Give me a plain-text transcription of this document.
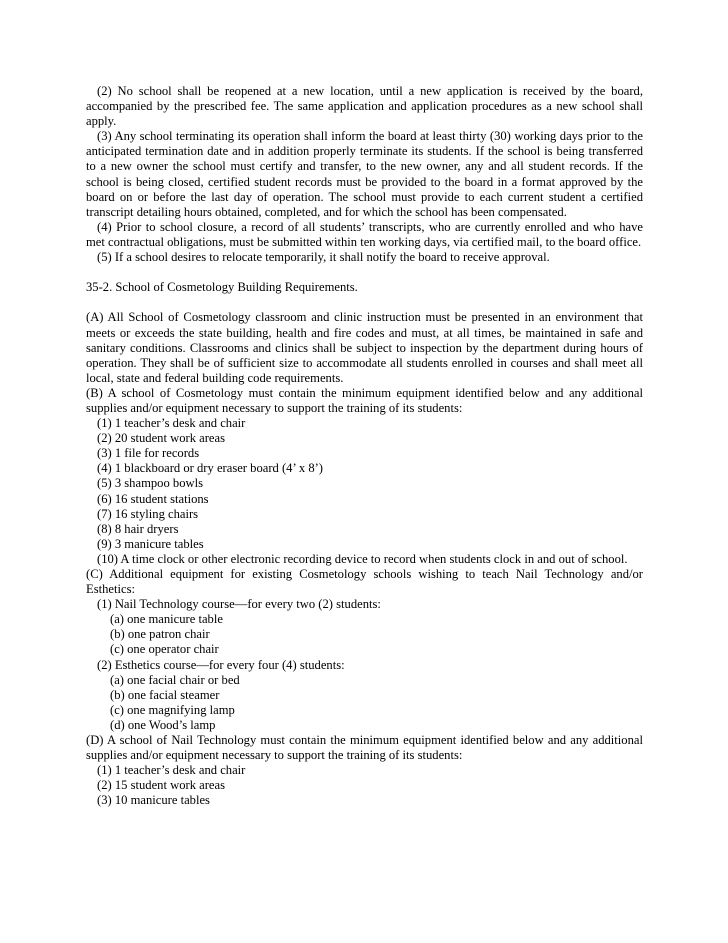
(2) No school shall be reopened at a new location, until a new application is received by the board, accompanied by the prescribed fee. The same application and application procedures as a new school shall apply.

(3) Any school terminating its operation shall inform the board at least thirty (30) working days prior to the anticipated termination date and in addition properly terminate its students. If the school is being transferred to a new owner the school must certify and transfer, to the new owner, any and all student records. If the school is being closed, certified student records must be provided to the board in a format approved by the board on or before the last day of operation. The school must provide to each current student a certified transcript detailing hours obtained, completed, and for which the school has been compensated.

(4) Prior to school closure, a record of all students’ transcripts, who are currently enrolled and who have met contractual obligations, must be submitted within ten working days, via certified mail, to the board office.

(5) If a school desires to relocate temporarily, it shall notify the board to receive approval.

35-2. School of Cosmetology Building Requirements.

(A) All School of Cosmetology classroom and clinic instruction must be presented in an environment that meets or exceeds the state building, health and fire codes and must, at all times, be maintained in safe and sanitary conditions. Classrooms and clinics shall be subject to inspection by the department during hours of operation. They shall be of sufficient size to accommodate all students enrolled in courses and shall meet all local, state and federal building code requirements.

(B) A school of Cosmetology must contain the minimum equipment identified below and any additional supplies and/or equipment necessary to support the training of its students:

(1) 1 teacher’s desk and chair

(2) 20 student work areas

(3) 1 file for records

(4) 1 blackboard or dry eraser board (4’ x 8’)

(5) 3 shampoo bowls

(6) 16 student stations

(7) 16 styling chairs

(8) 8 hair dryers

(9) 3 manicure tables

(10) A time clock or other electronic recording device to record when students clock in and out of school.

(C) Additional equipment for existing Cosmetology schools wishing to teach Nail Technology and/or Esthetics:

(1) Nail Technology course—for every two (2) students:

(a) one manicure table

(b) one patron chair

(c) one operator chair

(2) Esthetics course—for every four (4) students:

(a) one facial chair or bed

(b) one facial steamer

(c) one magnifying lamp

(d) one Wood’s lamp

(D) A school of Nail Technology must contain the minimum equipment identified below and any additional supplies and/or equipment necessary to support the training of its students:

(1) 1 teacher’s desk and chair

(2) 15 student work areas

(3) 10 manicure tables
